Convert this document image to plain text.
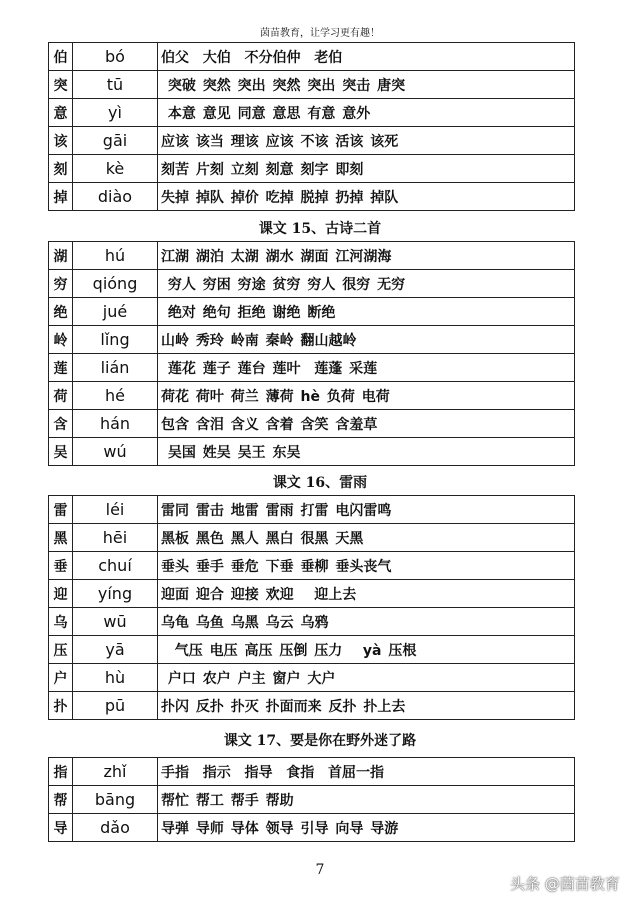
茵苗教育，让学习更有趣！
伯	bó	伯父  大伯  不分伯仲  老伯
突	tū	突破 突然 突出 突然 突出 突击 唐突
意	yì	本意 意见 同意 意思 有意 意外
该	gāi	应该 该当 理该 应该 不该 活该 该死
刻	kè	刻苦 片刻 立刻 刻意 刻字 即刻
掉	diào	失掉 掉队 掉价 吃掉 脱掉 扔掉 掉队
课文 15、古诗二首
湖	hú	江湖 湖泊 太湖 湖水 湖面 江河湖海
穷	qióng	穷人 穷困 穷途 贫穷 穷人 很穷 无穷
绝	jué	绝对 绝句 拒绝 谢绝 断绝
岭	lǐng	山岭 秀玲 岭南 秦岭 翻山越岭
莲	lián	莲花 莲子 莲台 莲叶  莲蓬 采莲
荷	hé	荷花 荷叶 荷兰 薄荷 hè 负荷 电荷
含	hán	包含 含泪 含义 含着 含笑 含羞草
吴	wú	吴国 姓吴 吴王 东吴
课文 16、雷雨
雷	léi	雷同 雷击 地雷 雷雨 打雷 电闪雷鸣
黑	hēi	黑板 黑色 黑人 黑白 很黑 天黑
垂	chuí	垂头 垂手 垂危 下垂 垂柳 垂头丧气
迎	yíng	迎面 迎合 迎接 欢迎   迎上去
乌	wū	乌龟 乌鱼 乌黑 乌云 乌鸦
压	yā	气压 电压 高压 压倒 压力   yà 压根
户	hù	户口 农户 户主 窗户 大户
扑	pū	扑闪 反扑 扑灭 扑面而来 反扑 扑上去
课文 17、要是你在野外迷了路
指	zhǐ	手指  指示  指导  食指  首屈一指
帮	bāng	帮忙 帮工 帮手 帮助
导	dǎo	导弹 导师 导体 领导 引导 向导 导游
7
头条 @茵苗教育
